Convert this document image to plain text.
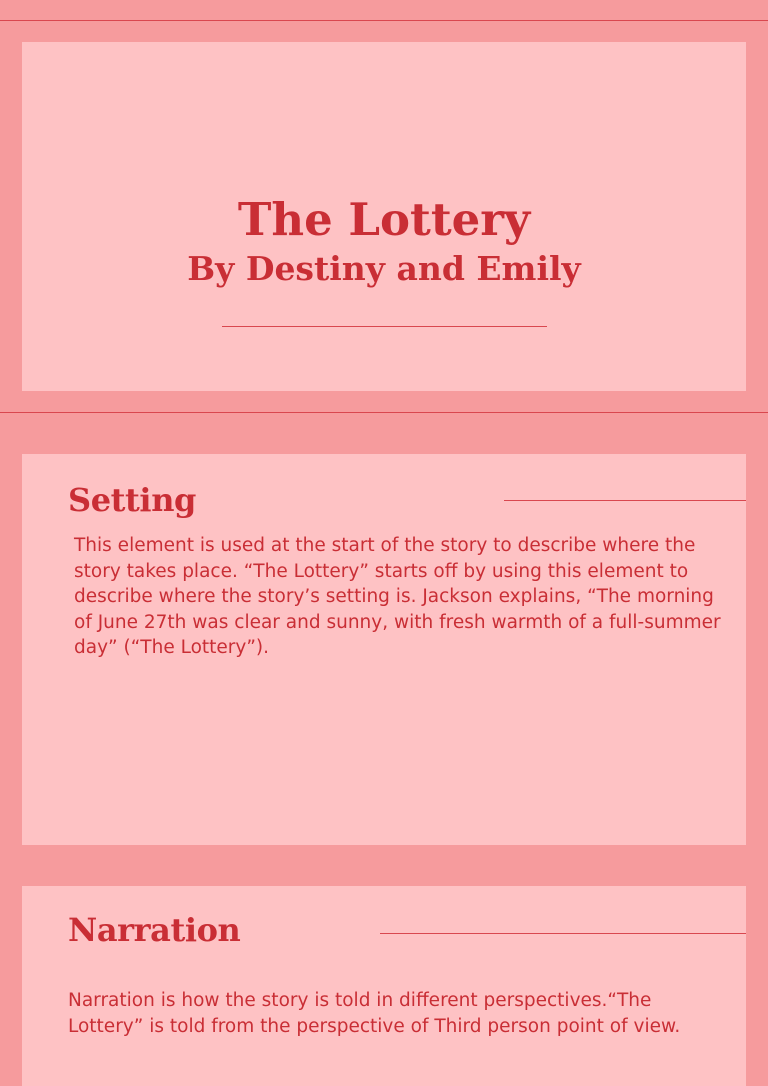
The Lottery
By Destiny and Emily
Setting

This element is used at the start of the story to describe where the story takes place. “The Lottery” starts off by using this element to describe where the story’s setting is. Jackson explains, “The morning of June 27th was clear and sunny, with fresh warmth of a full-summer day” (“The Lottery”).

Narration

Narration is how the story is told in different perspectives.“The Lottery” is told from the perspective of Third person point of view.
